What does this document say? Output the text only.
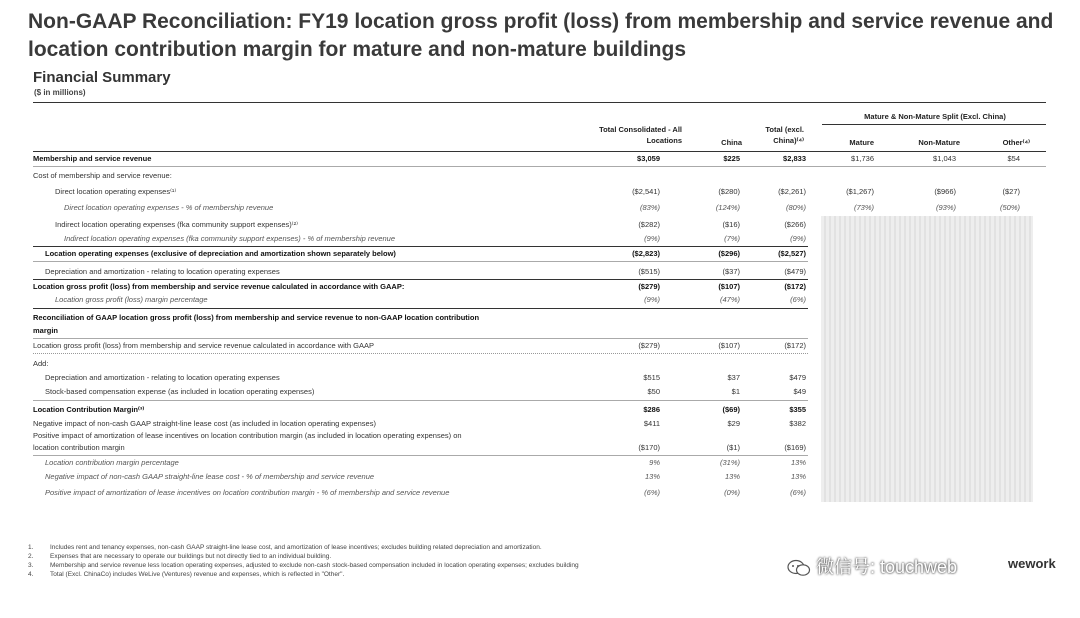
Non-GAAP Reconciliation: FY19 location gross profit (loss) from membership and service revenue and location contribution margin for mature and non-mature buildings
Financial Summary
($ in millions)
Mature & Non-Mature Split (Excl. China)
Total Consolidated - All Locations	China
Total (excl. China)⁽⁴⁾	Mature	Non-Mature	Other⁽⁴⁾
Membership and service revenue	$3,059	$225	$2,833	$1,736	$1,043	$54
Cost of membership and service revenue:
Direct location operating expenses⁽¹⁾	($2,541)	($280)	($2,261)	($1,267)	($966)	($27)
Direct location operating expenses - % of membership revenue	(83%)	(124%)	(80%)	(73%)	(93%)	(50%)
Indirect location operating expenses (fka community support expenses)⁽²⁾	($282)	($16)	($266)
Indirect location operating expenses (fka community support expenses) - % of membership revenue	(9%)	(7%)	(9%)
Location operating expenses (exclusive of depreciation and amortization shown separately below)	($2,823)	($296)	($2,527)
Depreciation and amortization - relating to location operating expenses	($515)	($37)	($479)
Location gross profit (loss) from membership and service revenue calculated in accordance with GAAP:	($279)	($107)	($172)
Location gross profit (loss) margin percentage	(9%)	(47%)	(6%)
Reconciliation of GAAP location gross profit (loss) from membership and service revenue to non-GAAP location contribution
margin
Location gross profit (loss) from membership and service revenue calculated in accordance with GAAP	($279)	($107)	($172)
Add:
Depreciation and amortization - relating to location operating expenses	$515	$37	$479
Stock-based compensation expense (as included in location operating expenses)	$50	$1	$49
Location Contribution Margin⁽³⁾	$286	($69)	$355
Negative impact of non-cash GAAP straight-line lease cost (as included in location operating expenses)	$411	$29	$382
Positive impact of amortization of lease incentives on location contribution margin (as included in location operating expenses) on
location contribution margin	($170)	($1)	($169)
Location contribution margin percentage	9%	(31%)	13%
Negative impact of non-cash GAAP straight-line lease cost - % of membership and service revenue	13%	13%	13%
Positive impact of amortization of lease incentives on location contribution margin - % of membership and service revenue	(6%)	(0%)	(6%)
1.	Includes rent and tenancy expenses, non-cash GAAP straight-line lease cost, and amortization of lease incentives; excludes building related depreciation and amortization.
2.	Expenses that are necessary to operate our buildings but not directly tied to an individual building.
3.	Membership and service revenue less location operating expenses, adjusted to exclude non-cash stock-based compensation included in location operating expenses; excludes building
4.	Total (Excl. ChinaCo) includes WeLive (Ventures) revenue and expenses, which is reflected in "Other".
wework
微信号: touchweb
